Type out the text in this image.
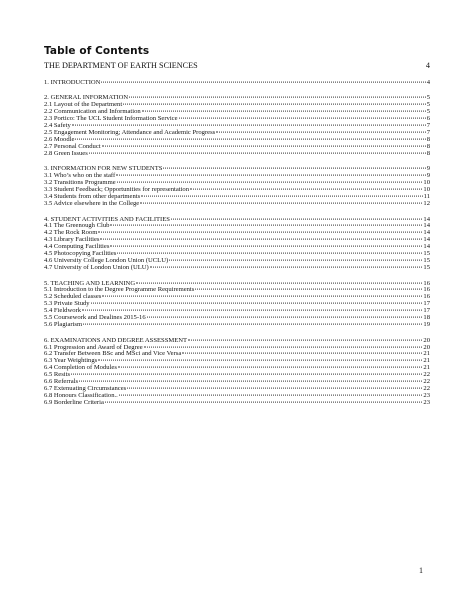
Table of Contents
THE DEPARTMENT OF EARTH SCIENCES	4
1. INTRODUCTION	4
2. GENERAL INFORMATION	5
2.1 Layout of the Department	5
2.2 Communication and Information	5
2.3 Portico: The UCL Student Information Service	6
2.4 Safety	7
2.5 Engagement Monitoring; Attendance and Academic Progress	7
2.6 Moodle	8
2.7 Personal Conduct	8
2.8 Green Issues	8
3. INFORMATION FOR NEW STUDENTS	9
3.1 Who’s who on the staff	9
3.2 Transitions Programme	10
3.3 Student Feedback; Opportunities for representation	10
3.4 Students from other departments	11
3.5 Advice elsewhere in the College	12
4. STUDENT ACTIVITIES AND FACILITIES	14
4.1 The Greenough Club	14
4.2 The Rock Room	14
4.3 Library Facilities	14
4.4 Computing Facilities	14
4.5 Photocopying Facilities	15
4.6 University College London Union (UCLU)	15
4.7 University of London Union (ULU)	15
5. TEACHING AND LEARNING	16
5.1 Introduction to the Degree Programme Requirements	16
5.2 Scheduled classes	16
5.3 Private Study	17
5.4 Fieldwork	17
5.5 Coursework and Dealines 2015-16	18
5.6 Plagiarism	19
6. EXAMINATIONS AND DEGREE ASSESSMENT	20
6.1 Progression and Award of Degree	20
6.2 Transfer Between BSc and MSci and Vice Versa	21
6.3 Year Weightings	21
6.4 Completion of Modules	21
6.5 Resits	22
6.6 Referrals	22
6.7 Extenuating Circumstances	22
6.8 Honours Classification..	23
6.9 Borderline Criteria	23
1
